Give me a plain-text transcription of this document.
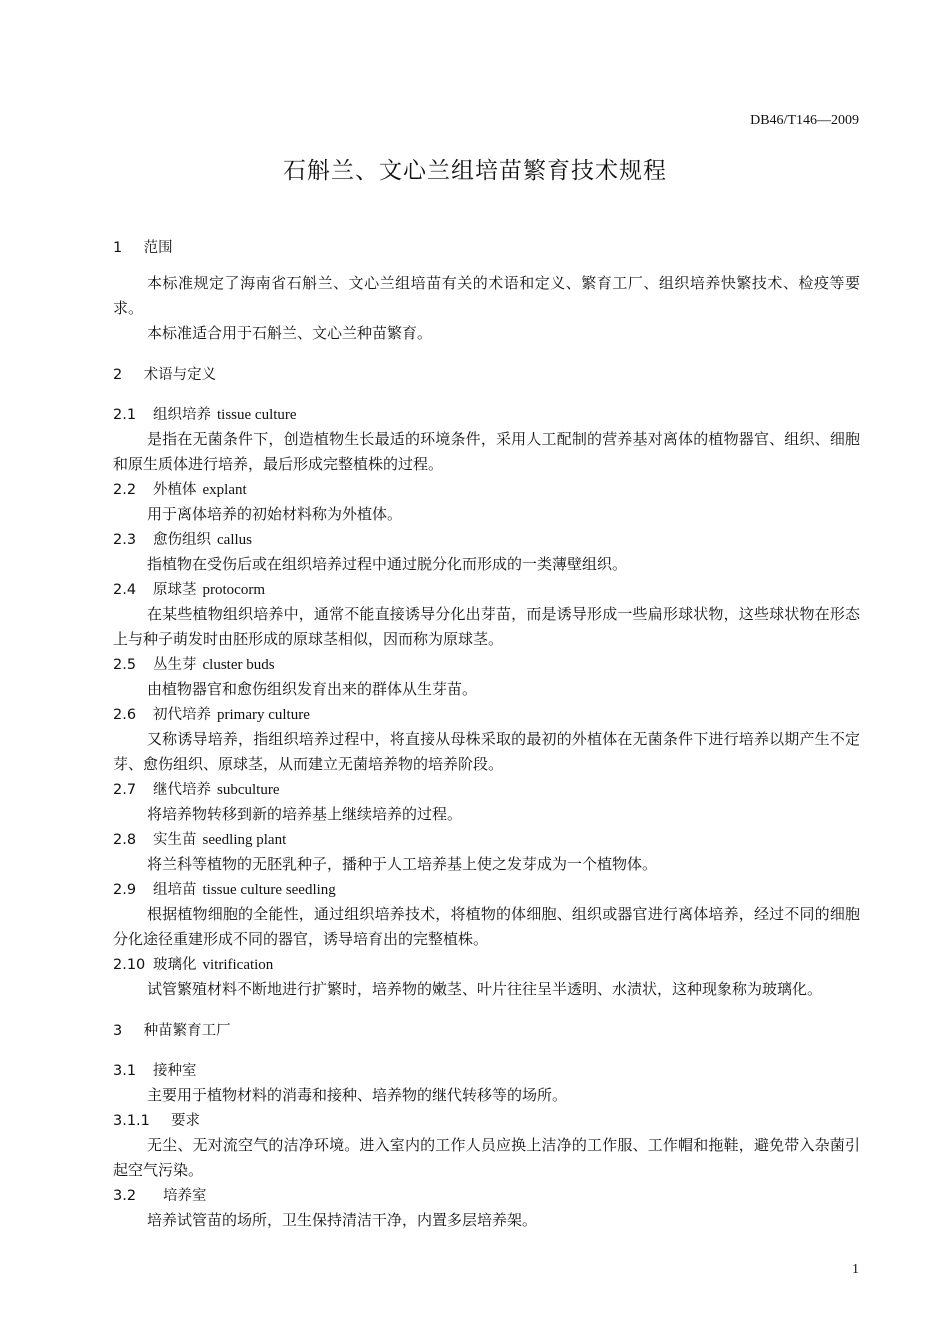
DB46/T146—2009
石斛兰、文心兰组培苗繁育技术规程
1 范围

本标准规定了海南省石斛兰、文心兰组培苗有关的术语和定义、繁育工厂、组织培养快繁技术、检疫等要求。

本标准适合用于石斛兰、文心兰种苗繁育。

2 术语与定义
2.1 组织培养 tissue culture

是指在无菌条件下，创造植物生长最适的环境条件，采用人工配制的营养基对离体的植物器官、组织、细胞和原生质体进行培养，最后形成完整植株的过程。

2.2 外植体 explant

用于离体培养的初始材料称为外植体。

2.3 愈伤组织 callus

指植物在受伤后或在组织培养过程中通过脱分化而形成的一类薄壁组织。

2.4 原球茎 protocorm

在某些植物组织培养中，通常不能直接诱导分化出芽苗，而是诱导形成一些扁形球状物，这些球状物在形态上与种子萌发时由胚形成的原球茎相似，因而称为原球茎。

2.5 丛生芽 cluster buds

由植物器官和愈伤组织发育出来的群体从生芽苗。

2.6 初代培养 primary culture

又称诱导培养，指组织培养过程中，将直接从母株采取的最初的外植体在无菌条件下进行培养以期产生不定芽、愈伤组织、原球茎，从而建立无菌培养物的培养阶段。

2.7 继代培养 subculture

将培养物转移到新的培养基上继续培养的过程。

2.8 实生苗 seedling plant

将兰科等植物的无胚乳种子，播种于人工培养基上使之发芽成为一个植物体。

2.9 组培苗 tissue culture seedling

根据植物细胞的全能性，通过组织培养技术，将植物的体细胞、组织或器官进行离体培养，经过不同的细胞分化途径重建形成不同的器官，诱导培育出的完整植株。

2.10 玻璃化 vitrification

试管繁殖材料不断地进行扩繁时，培养物的嫩茎、叶片往往呈半透明、水渍状，这种现象称为玻璃化。

3 种苗繁育工厂
3.1 接种室

主要用于植物材料的消毒和接种、培养物的继代转移等的场所。

3.1.1 要求

无尘、无对流空气的洁净环境。进入室内的工作人员应换上洁净的工作服、工作帽和拖鞋，避免带入杂菌引起空气污染。

3.2 培养室

培养试管苗的场所，卫生保持清洁干净，内置多层培养架。

1
